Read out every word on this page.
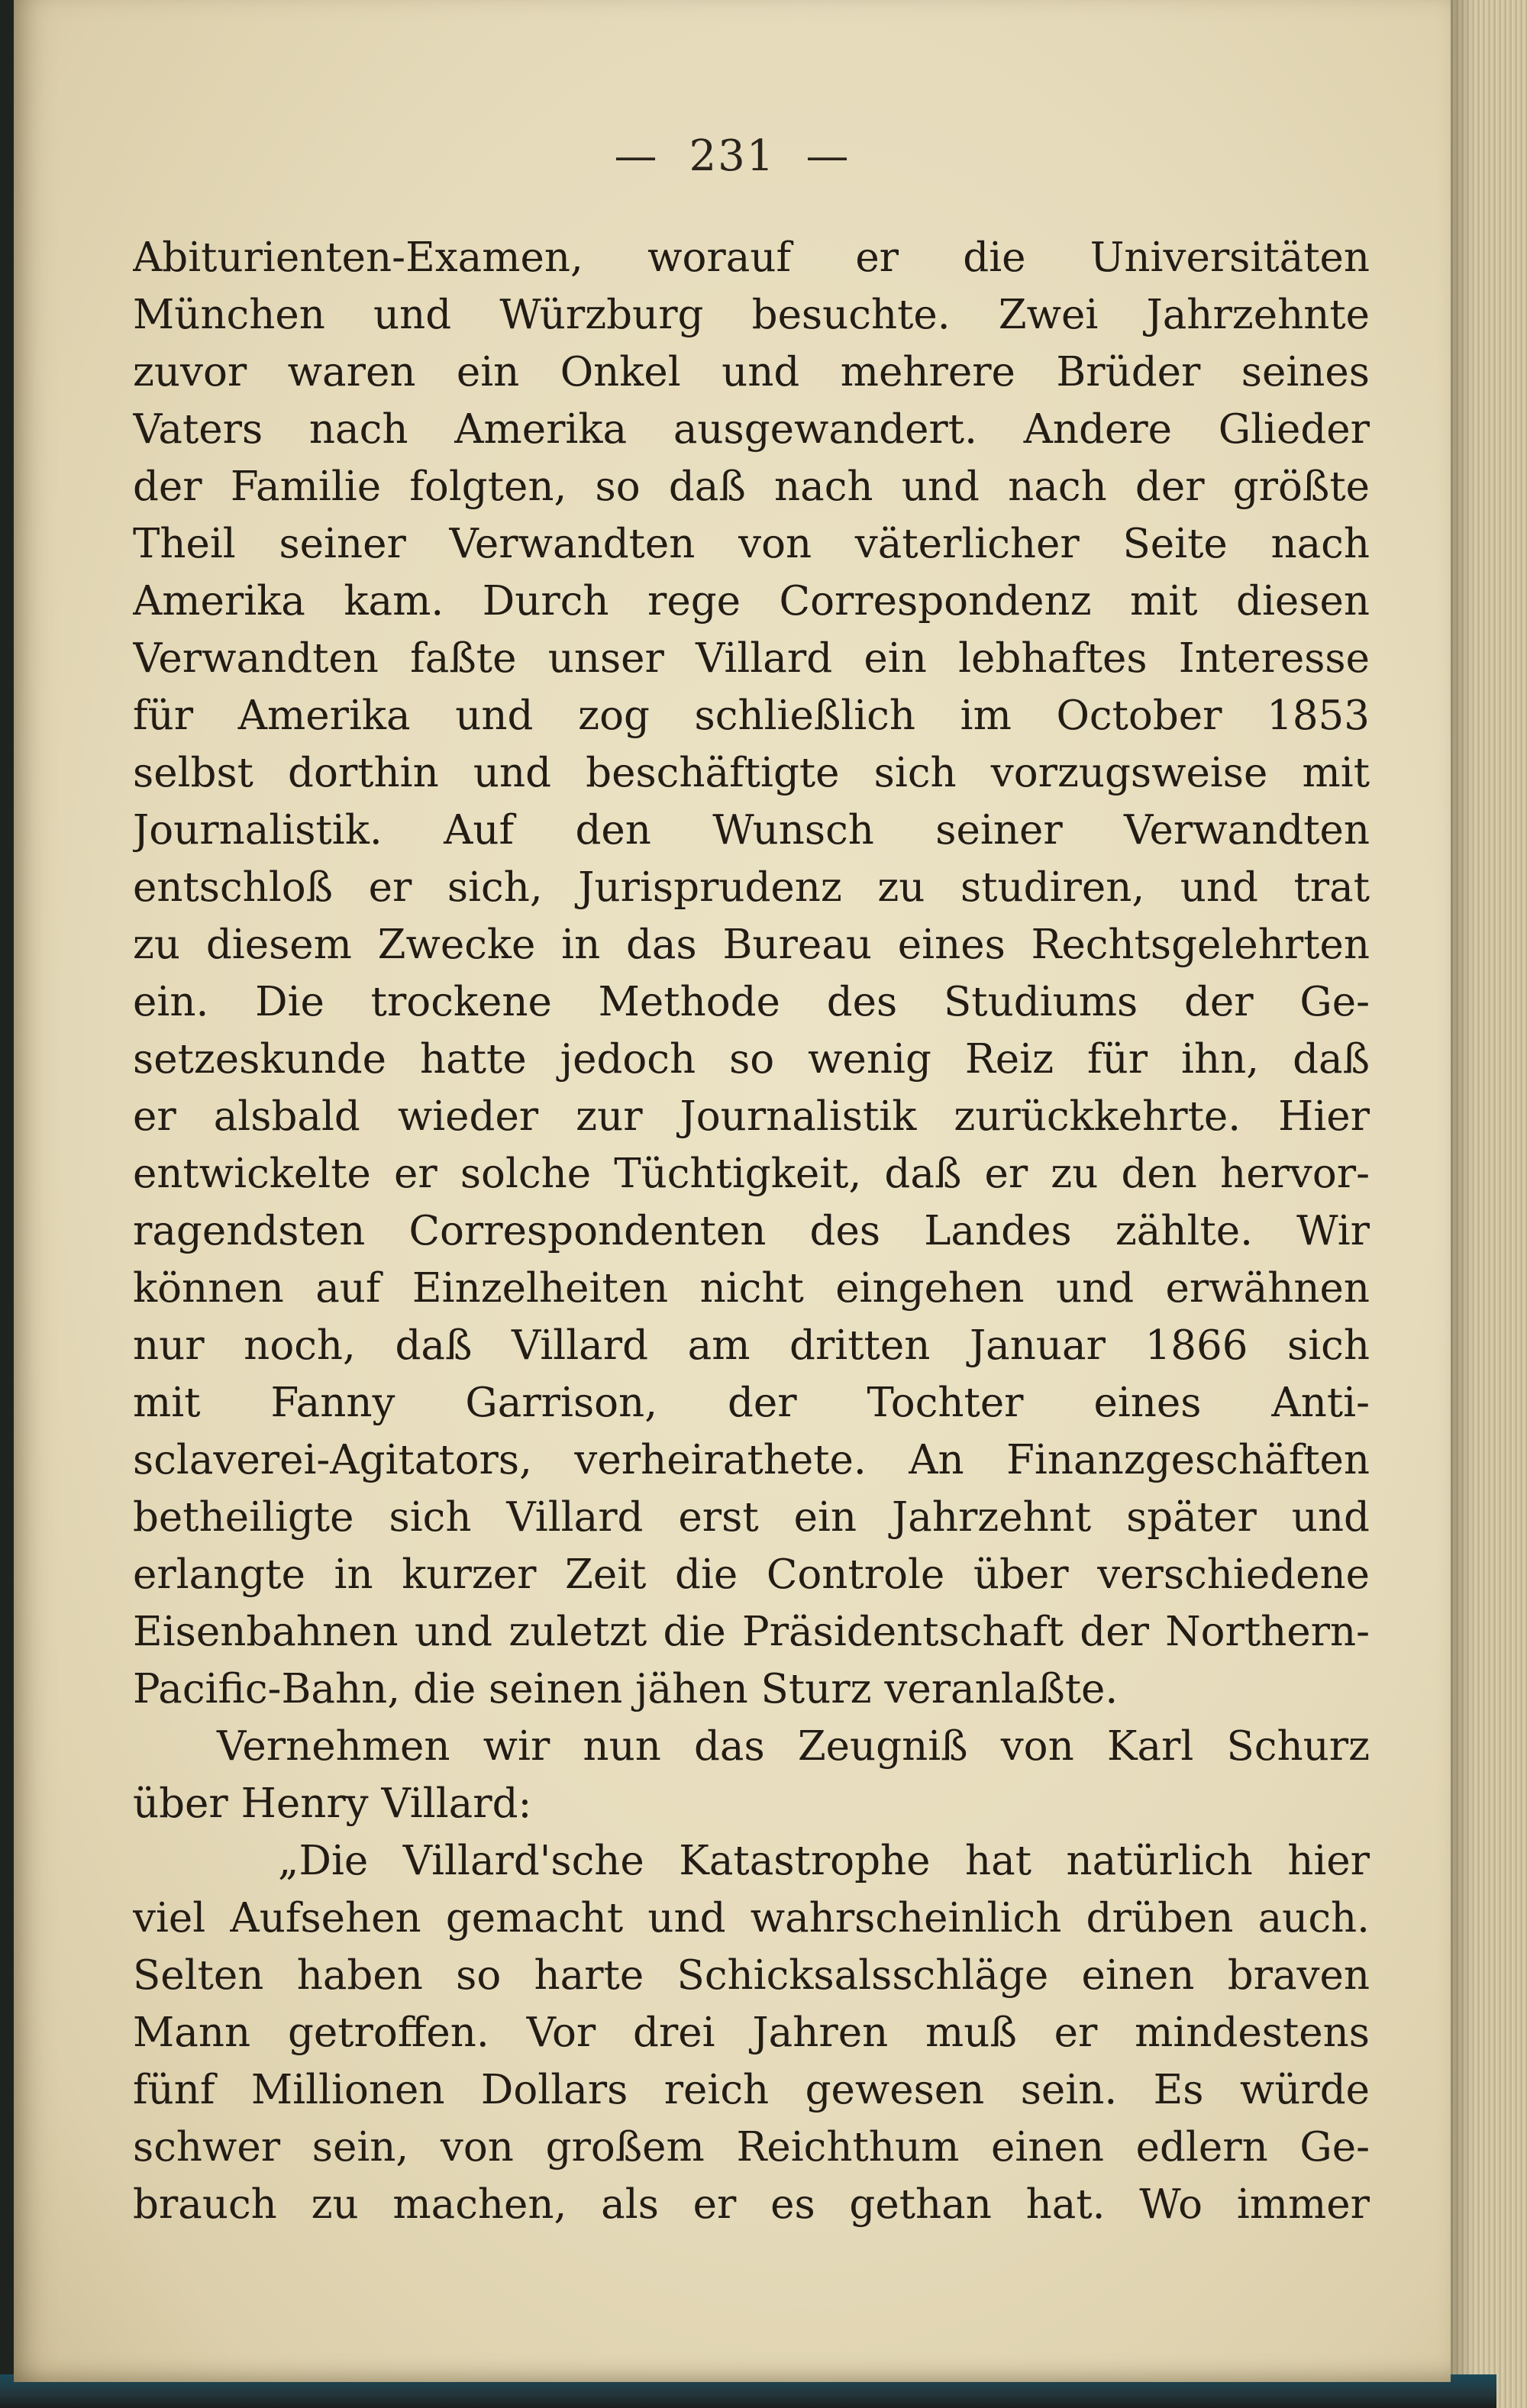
— 231 —
Abiturienten-Examen, worauf er die Universitäten
München und Würzburg besuchte. Zwei Jahrzehnte
zuvor waren ein Onkel und mehrere Brüder seines
Vaters nach Amerika ausgewandert. Andere Glieder
der Familie folgten, so daß nach und nach der größte
Theil seiner Verwandten von väterlicher Seite nach
Amerika kam. Durch rege Correspondenz mit diesen
Verwandten faßte unser Villard ein lebhaftes Interesse
für Amerika und zog schließlich im October 1853
selbst dorthin und beschäftigte sich vorzugsweise mit
Journalistik. Auf den Wunsch seiner Verwandten
entschloß er sich, Jurisprudenz zu studiren, und trat
zu diesem Zwecke in das Bureau eines Rechtsgelehrten
ein. Die trockene Methode des Studiums der Ge-
setzeskunde hatte jedoch so wenig Reiz für ihn, daß
er alsbald wieder zur Journalistik zurückkehrte. Hier
entwickelte er solche Tüchtigkeit, daß er zu den hervor-
ragendsten Correspondenten des Landes zählte. Wir
können auf Einzelheiten nicht eingehen und erwähnen
nur noch, daß Villard am dritten Januar 1866 sich
mit Fanny Garrison, der Tochter eines Anti-
sclaverei-Agitators, verheirathete. An Finanzgeschäften
betheiligte sich Villard erst ein Jahrzehnt später und
erlangte in kurzer Zeit die Controle über verschiedene
Eisenbahnen und zuletzt die Präsidentschaft der Northern-
Pacific-Bahn, die seinen jähen Sturz veranlaßte.
Vernehmen wir nun das Zeugniß von Karl Schurz
über Henry Villard:
„Die Villard'sche Katastrophe hat natürlich hier
viel Aufsehen gemacht und wahrscheinlich drüben auch.
Selten haben so harte Schicksalsschläge einen braven
Mann getroffen. Vor drei Jahren muß er mindestens
fünf Millionen Dollars reich gewesen sein. Es würde
schwer sein, von großem Reichthum einen edlern Ge-
brauch zu machen, als er es gethan hat. Wo immer
